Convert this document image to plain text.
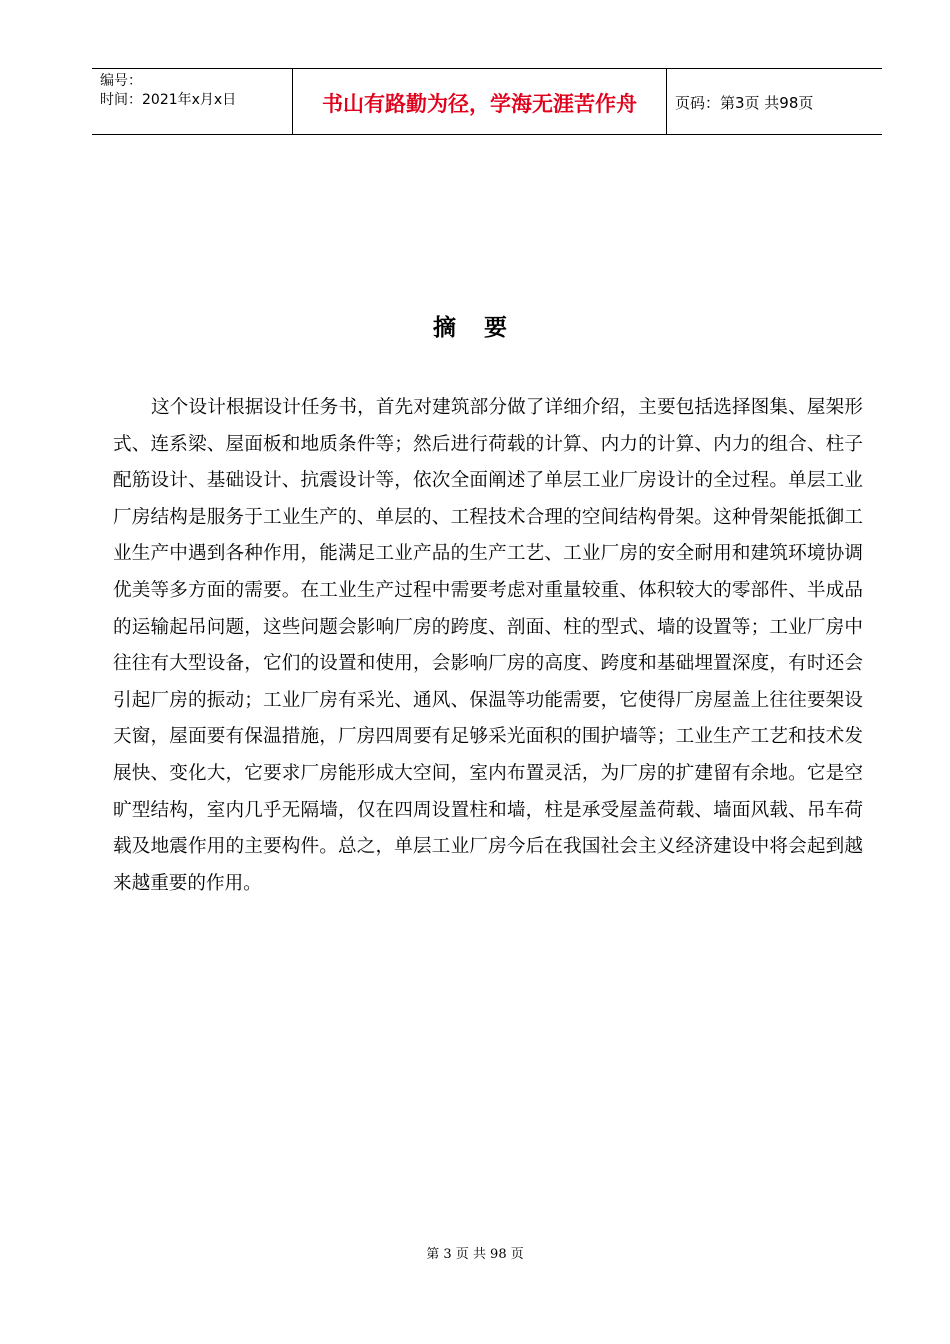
编号：
时间：2021年x月x日	书山有路勤为径，学海无涯苦作舟	页码：第3页 共98页
摘 要

这个设计根据设计任务书，首先对建筑部分做了详细介绍，主要包括选择图集、屋架形式、连系梁、屋面板和地质条件等；然后进行荷载的计算、内力的计算、内力的组合、柱子配筋设计、基础设计、抗震设计等，依次全面阐述了单层工业厂房设计的全过程。单层工业厂房结构是服务于工业生产的、单层的、工程技术合理的空间结构骨架。这种骨架能抵御工业生产中遇到各种作用，能满足工业产品的生产工艺、工业厂房的安全耐用和建筑环境协调优美等多方面的需要。在工业生产过程中需要考虑对重量较重、体积较大的零部件、半成品的运输起吊问题，这些问题会影响厂房的跨度、剖面、柱的型式、墙的设置等；工业厂房中往往有大型设备，它们的设置和使用，会影响厂房的高度、跨度和基础埋置深度，有时还会引起厂房的振动；工业厂房有采光、通风、保温等功能需要，它使得厂房屋盖上往往要架设天窗，屋面要有保温措施，厂房四周要有足够采光面积的围护墙等；工业生产工艺和技术发展快、变化大，它要求厂房能形成大空间，室内布置灵活，为厂房的扩建留有余地。它是空旷型结构，室内几乎无隔墙，仅在四周设置柱和墙，柱是承受屋盖荷载、墙面风载、吊车荷载及地震作用的主要构件。总之，单层工业厂房今后在我国社会主义经济建设中将会起到越来越重要的作用。

第 3 页 共 98 页
